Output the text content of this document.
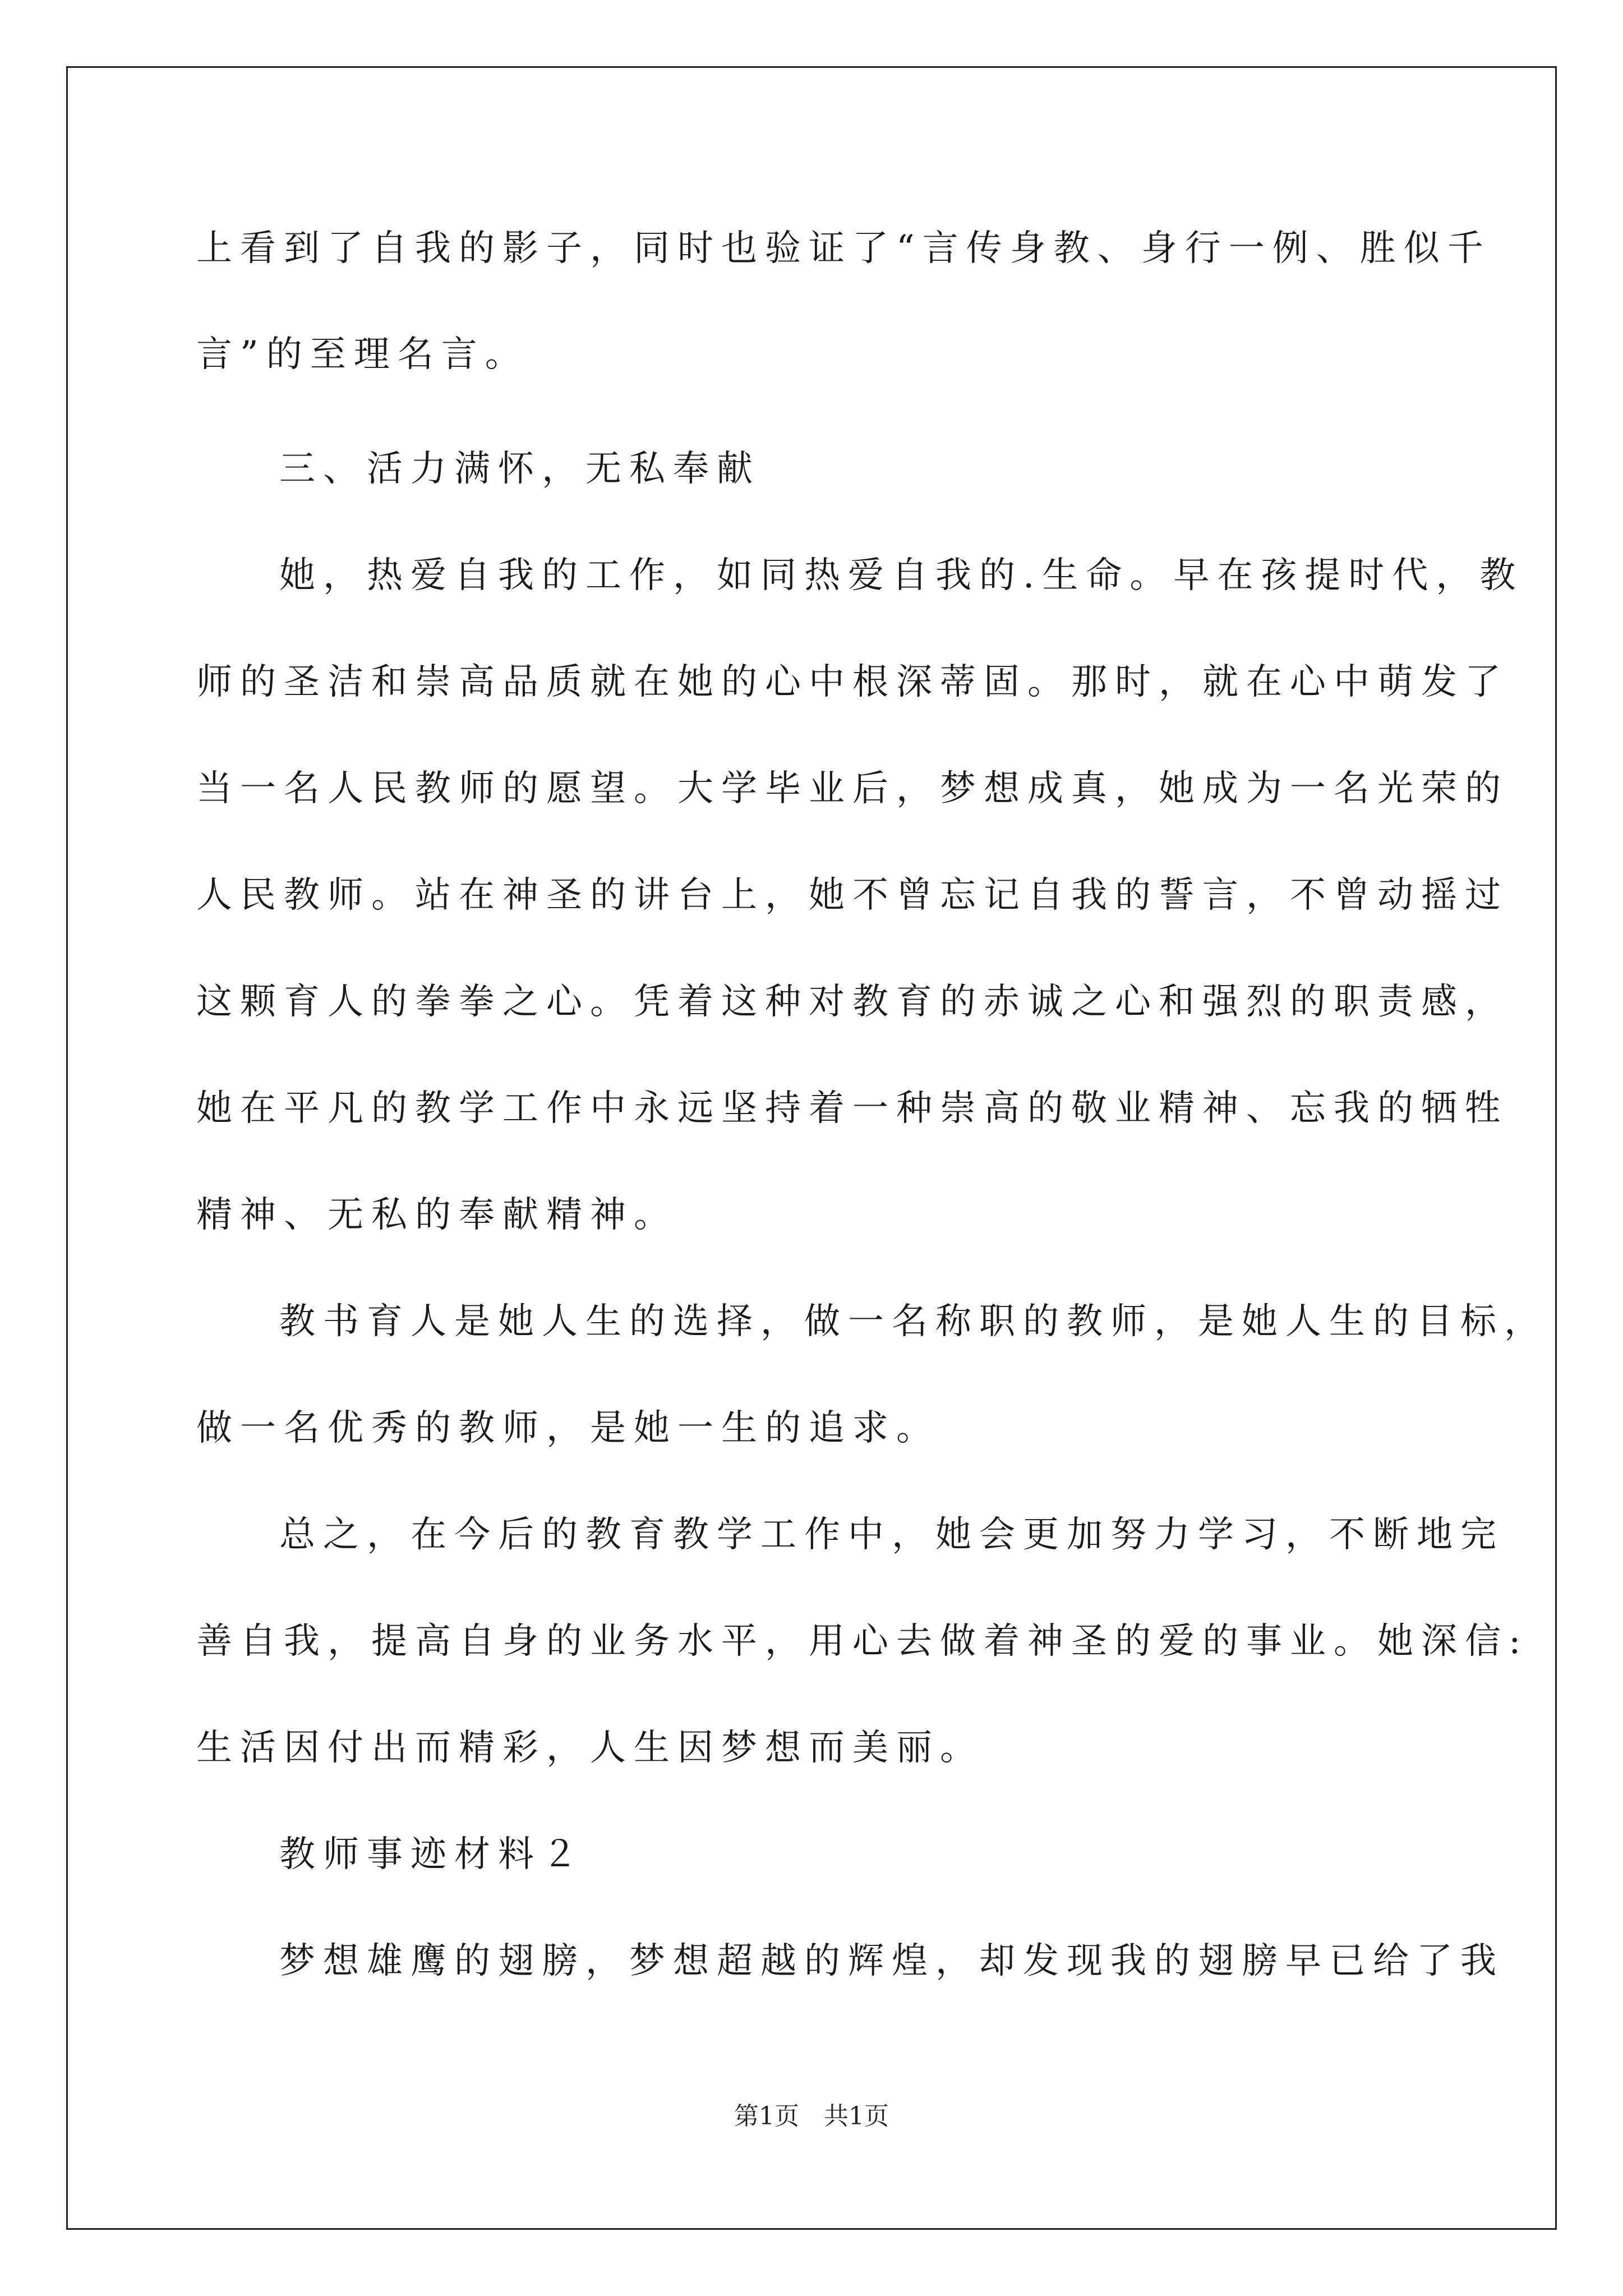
上看到了自我的影子，同时也验证了“言传身教、身行一例、胜似千
言”的至理名言。
三、活力满怀，无私奉献
她，热爱自我的工作，如同热爱自我的.生命。早在孩提时代，教
师的圣洁和崇高品质就在她的心中根深蒂固。那时，就在心中萌发了
当一名人民教师的愿望。大学毕业后，梦想成真，她成为一名光荣的
人民教师。站在神圣的讲台上，她不曾忘记自我的誓言，不曾动摇过
这颗育人的拳拳之心。凭着这种对教育的赤诚之心和强烈的职责感，
她在平凡的教学工作中永远坚持着一种崇高的敬业精神、忘我的牺牲
精神、无私的奉献精神。
教书育人是她人生的选择，做一名称职的教师，是她人生的目标，
做一名优秀的教师，是她一生的追求。
总之，在今后的教育教学工作中，她会更加努力学习，不断地完
善自我，提高自身的业务水平，用心去做着神圣的爱的事业。她深信:
生活因付出而精彩，人生因梦想而美丽。
教师事迹材料２
梦想雄鹰的翅膀，梦想超越的辉煌，却发现我的翅膀早已给了我
第1页　共1页
